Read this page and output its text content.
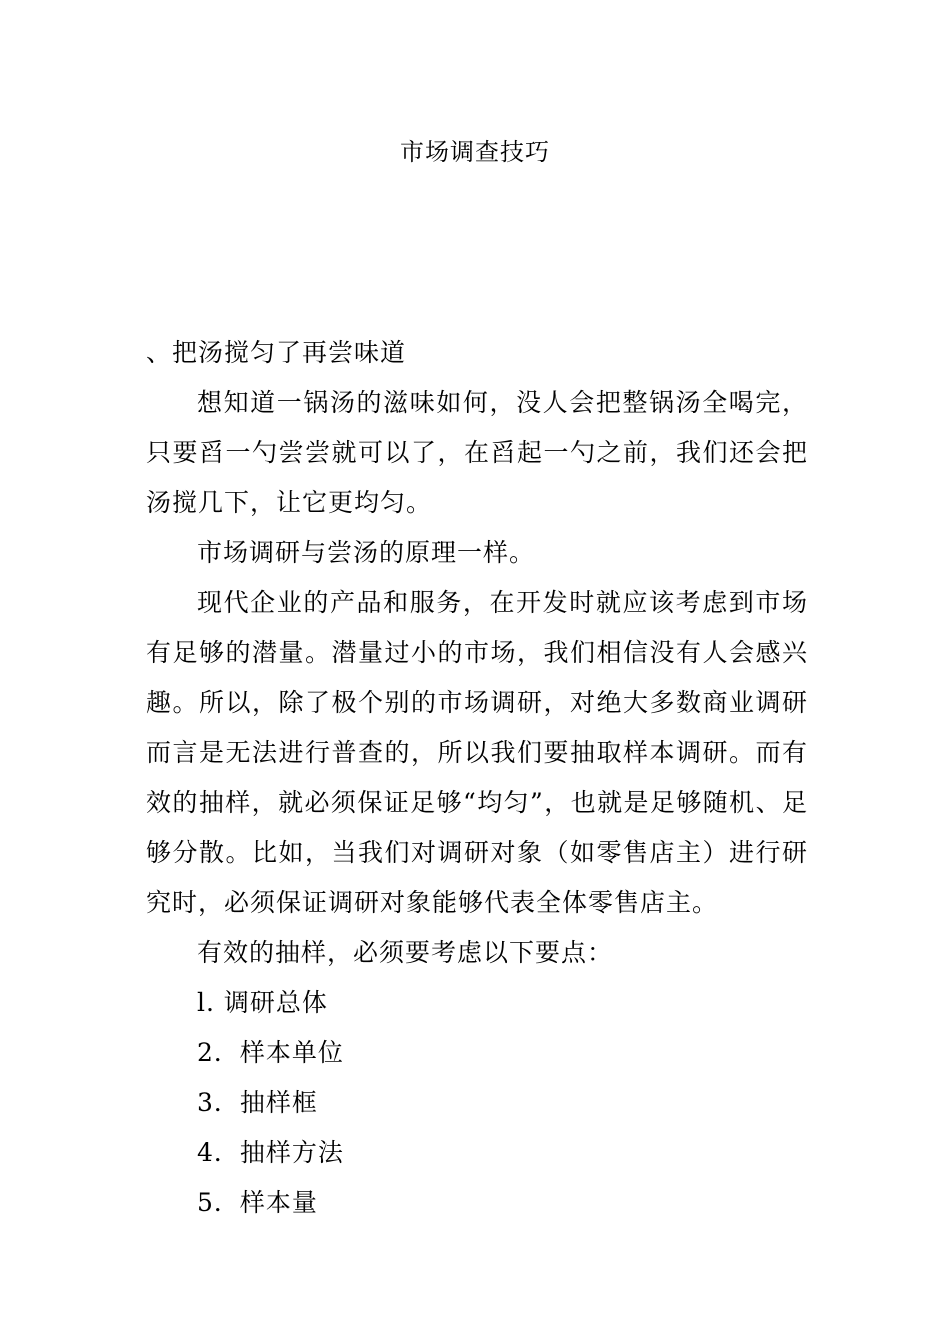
市场调查技巧

、把汤搅匀了再尝味道

想知道一锅汤的滋味如何，没人会把整锅汤全喝完，只要舀一勺尝尝就可以了，在舀起一勺之前，我们还会把汤搅几下，让它更均匀。

市场调研与尝汤的原理一样。

现代企业的产品和服务，在开发时就应该考虑到市场有足够的潜量。潜量过小的市场，我们相信没有人会感兴趣。所以，除了极个别的市场调研，对绝大多数商业调研而言是无法进行普查的，所以我们要抽取样本调研。而有效的抽样，就必须保证足够“均匀”，也就是足够随机、足够分散。比如，当我们对调研对象（如零售店主）进行研究时，必须保证调研对象能够代表全体零售店主。

有效的抽样，必须要考虑以下要点：

l. 调研总体

2．样本单位

3．抽样框

4．抽样方法

5．样本量
